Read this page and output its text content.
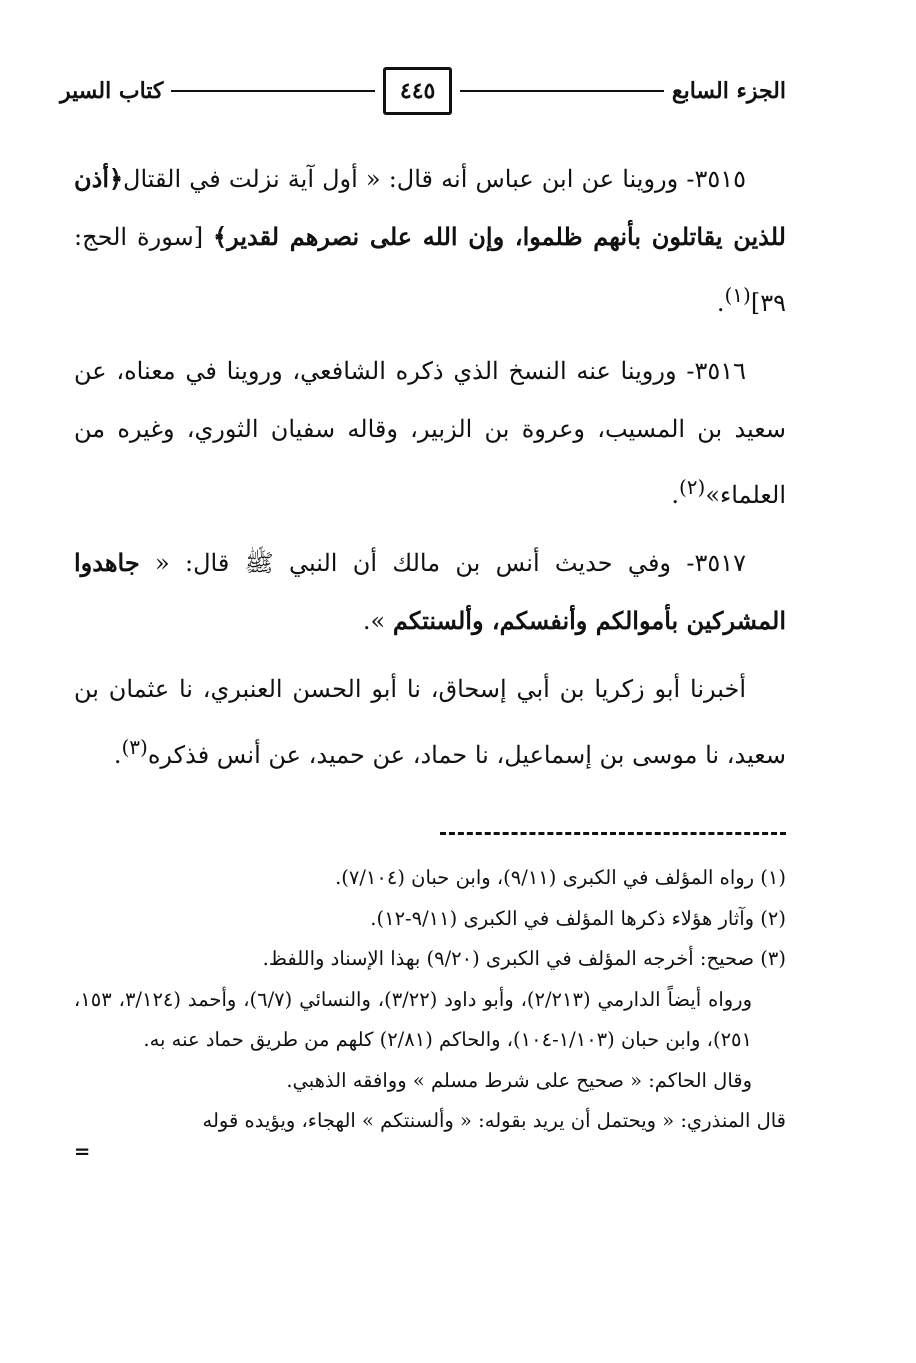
الجزء السابع
٤٤٥
كتاب السير

٣٥١٥- وروينا عن ابن عباس أنه قال: « أول آية نزلت في القتال﴿أذن للذين يقاتلون بأنهم ظلموا، وإن الله على نصرهم لقدير﴾ [سورة الحج: ٣٩]$^{(١)}$.

٣٥١٦- وروينا عنه النسخ الذي ذكره الشافعي، وروينا في معناه، عن سعيد بن المسيب، وعروة بن الزبير، وقاله سفيان الثوري، وغيره من العلماء»$^{(٢)}$.

٣٥١٧- وفي حديث أنس بن مالك أن النبي ﷺ قال: « جاهدوا المشركين بأموالكم وأنفسكم، وألسنتكم ».

أخبرنا أبو زكريا بن أبي إسحاق، نا أبو الحسن العنبري، نا عثمان بن سعيد، نا موسى بن إسماعيل، نا حماد، عن حميد، عن أنس فذكره$^{(٣)}$.

(١) رواه المؤلف في الكبرى (٩/١١)، وابن حبان (٧/١٠٤).

(٢) وآثار هؤلاء ذكرها المؤلف في الكبرى (٩/١١-١٢).

(٣) صحيح: أخرجه المؤلف في الكبرى (٩/٢٠) بهذا الإسناد واللفظ.

ورواه أيضاً الدارمي (٢/٢١٣)، وأبو داود (٣/٢٢)، والنسائي (٦/٧)، وأحمد (٣/١٢٤، ١٥٣، ٢٥١)، وابن حبان (١/١٠٣-١٠٤)، والحاكم (٢/٨١) كلهم من طريق حماد عنه به.

وقال الحاكم: « صحيح على شرط مسلم » ووافقه الذهبي.

قال المنذري: « ويحتمل أن يريد بقوله: « وألسنتكم » الهجاء، ويؤيده قوله

=
